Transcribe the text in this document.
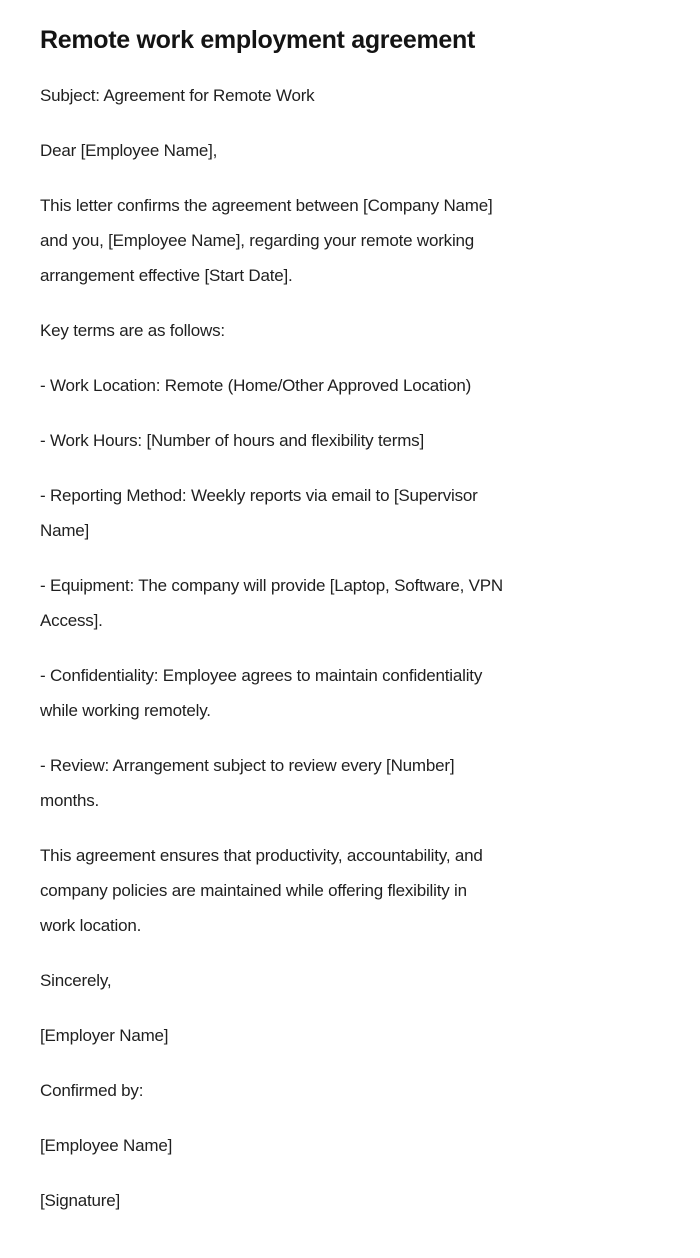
Remote work employment agreement
Subject: Agreement for Remote Work
Dear [Employee Name],
This letter confirms the agreement between [Company Name]
and you, [Employee Name], regarding your remote working
arrangement effective [Start Date].
Key terms are as follows:
- Work Location: Remote (Home/Other Approved Location)
- Work Hours: [Number of hours and flexibility terms]
- Reporting Method: Weekly reports via email to [Supervisor
Name]
- Equipment: The company will provide [Laptop, Software, VPN
Access].
- Confidentiality: Employee agrees to maintain confidentiality
while working remotely.
- Review: Arrangement subject to review every [Number]
months.
This agreement ensures that productivity, accountability, and
company policies are maintained while offering flexibility in
work location.
Sincerely,
[Employer Name]
Confirmed by:
[Employee Name]
[Signature]
